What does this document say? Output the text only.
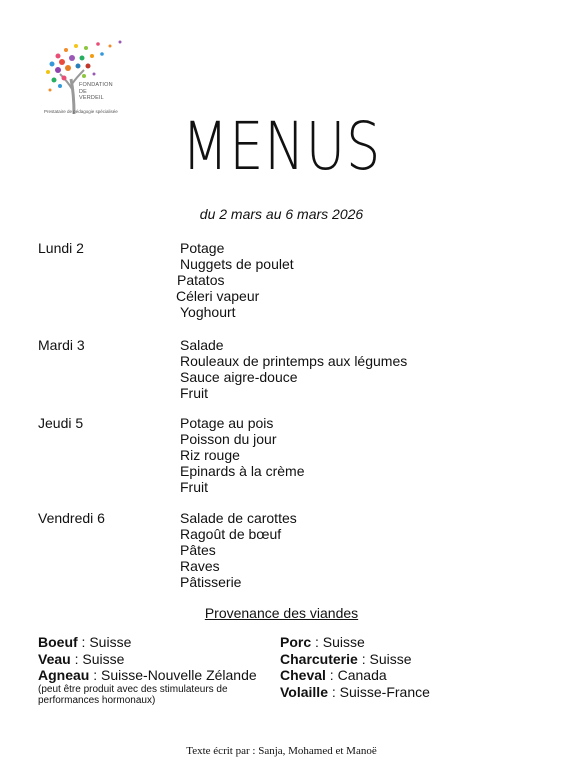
FONDATION
DE
VERDEIL
Prestataire de pédagogie spécialisée MENUS
du 2 mars au 6 mars 2026
Lundi 2	Potage
Nuggets de poulet
Patatos
Céleri vapeur
Yoghourt
Mardi 3	Salade
Rouleaux de printemps aux légumes
Sauce aigre-douce
Fruit
Jeudi 5	Potage au pois
Poisson du jour
Riz rouge
Epinards à la crème
Fruit
Vendredi 6	Salade de carottes
Ragoût de bœuf
Pâtes
Raves
Pâtisserie
Provenance des viandes
Boeuf : Suisse
Veau : Suisse
Agneau : Suisse-Nouvelle Zélande
(peut être produit avec des stimulateurs de performances hormonaux)
Porc : Suisse
Charcuterie : Suisse
Cheval : Canada
Volaille : Suisse-France
Texte écrit par : Sanja, Mohamed et Manoë
